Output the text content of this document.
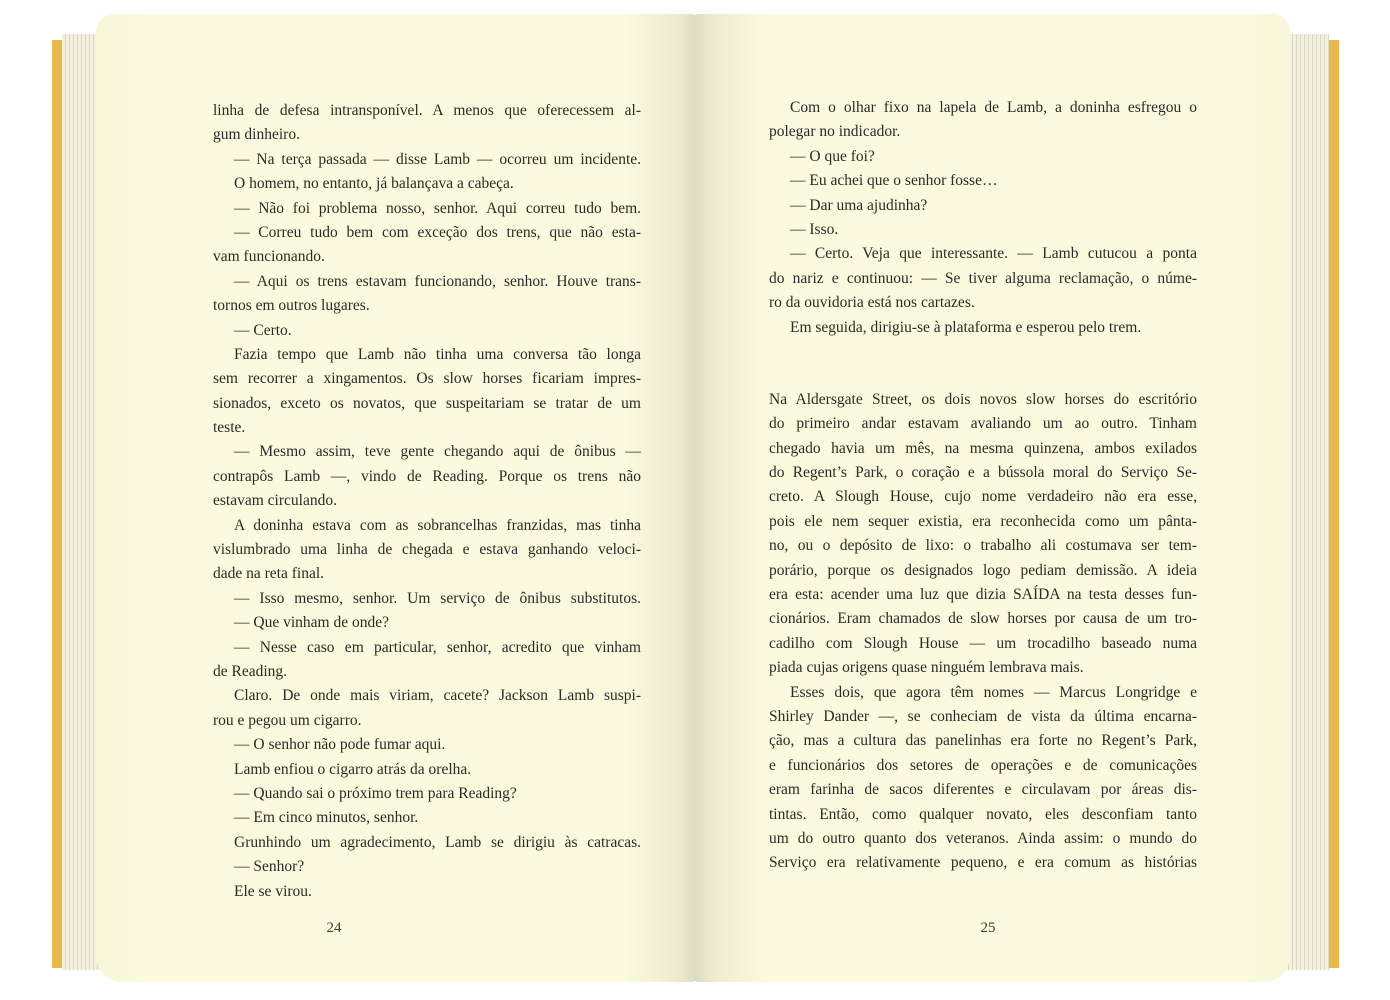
linha de defesa intransponível. A menos que oferecessem al-
gum dinheiro.
— Na terça passada — disse Lamb — ocorreu um incidente.
O homem, no entanto, já balançava a cabeça.
— Não foi problema nosso, senhor. Aqui correu tudo bem.
— Correu tudo bem com exceção dos trens, que não esta-
vam funcionando.
— Aqui os trens estavam funcionando, senhor. Houve trans-
tornos em outros lugares.
— Certo.
Fazia tempo que Lamb não tinha uma conversa tão longa
sem recorrer a xingamentos. Os slow horses ficariam impres-
sionados, exceto os novatos, que suspeitariam se tratar de um
teste.
— Mesmo assim, teve gente chegando aqui de ônibus —
contrapôs Lamb —, vindo de Reading. Porque os trens não
estavam circulando.
A doninha estava com as sobrancelhas franzidas, mas tinha
vislumbrado uma linha de chegada e estava ganhando veloci-
dade na reta final.
— Isso mesmo, senhor. Um serviço de ônibus substitutos.
— Que vinham de onde?
— Nesse caso em particular, senhor, acredito que vinham
de Reading.
Claro. De onde mais viriam, cacete? Jackson Lamb suspi-
rou e pegou um cigarro.
— O senhor não pode fumar aqui.
Lamb enfiou o cigarro atrás da orelha.
— Quando sai o próximo trem para Reading?
— Em cinco minutos, senhor.
Grunhindo um agradecimento, Lamb se dirigiu às catracas.
— Senhor?
Ele se virou.
24
Com o olhar fixo na lapela de Lamb, a doninha esfregou o
polegar no indicador.
— O que foi?
— Eu achei que o senhor fosse…
— Dar uma ajudinha?
— Isso.
— Certo. Veja que interessante. — Lamb cutucou a ponta
do nariz e continuou: — Se tiver alguma reclamação, o núme-
ro da ouvidoria está nos cartazes.
Em seguida, dirigiu-se à plataforma e esperou pelo trem.
Na Aldersgate Street, os dois novos slow horses do escritório
do primeiro andar estavam avaliando um ao outro. Tinham
chegado havia um mês, na mesma quinzena, ambos exilados
do Regent’s Park, o coração e a bússola moral do Serviço Se-
creto. A Slough House, cujo nome verdadeiro não era esse,
pois ele nem sequer existia, era reconhecida como um pânta-
no, ou o depósito de lixo: o trabalho ali costumava ser tem-
porário, porque os designados logo pediam demissão. A ideia
era esta: acender uma luz que dizia SAÍDA na testa desses fun-
cionários. Eram chamados de slow horses por causa de um tro-
cadilho com Slough House — um trocadilho baseado numa
piada cujas origens quase ninguém lembrava mais.
Esses dois, que agora têm nomes — Marcus Longridge e
Shirley Dander —, se conheciam de vista da última encarna-
ção, mas a cultura das panelinhas era forte no Regent’s Park,
e funcionários dos setores de operações e de comunicações
eram farinha de sacos diferentes e circulavam por áreas dis-
tintas. Então, como qualquer novato, eles desconfiam tanto
um do outro quanto dos veteranos. Ainda assim: o mundo do
Serviço era relativamente pequeno, e era comum as histórias
25
